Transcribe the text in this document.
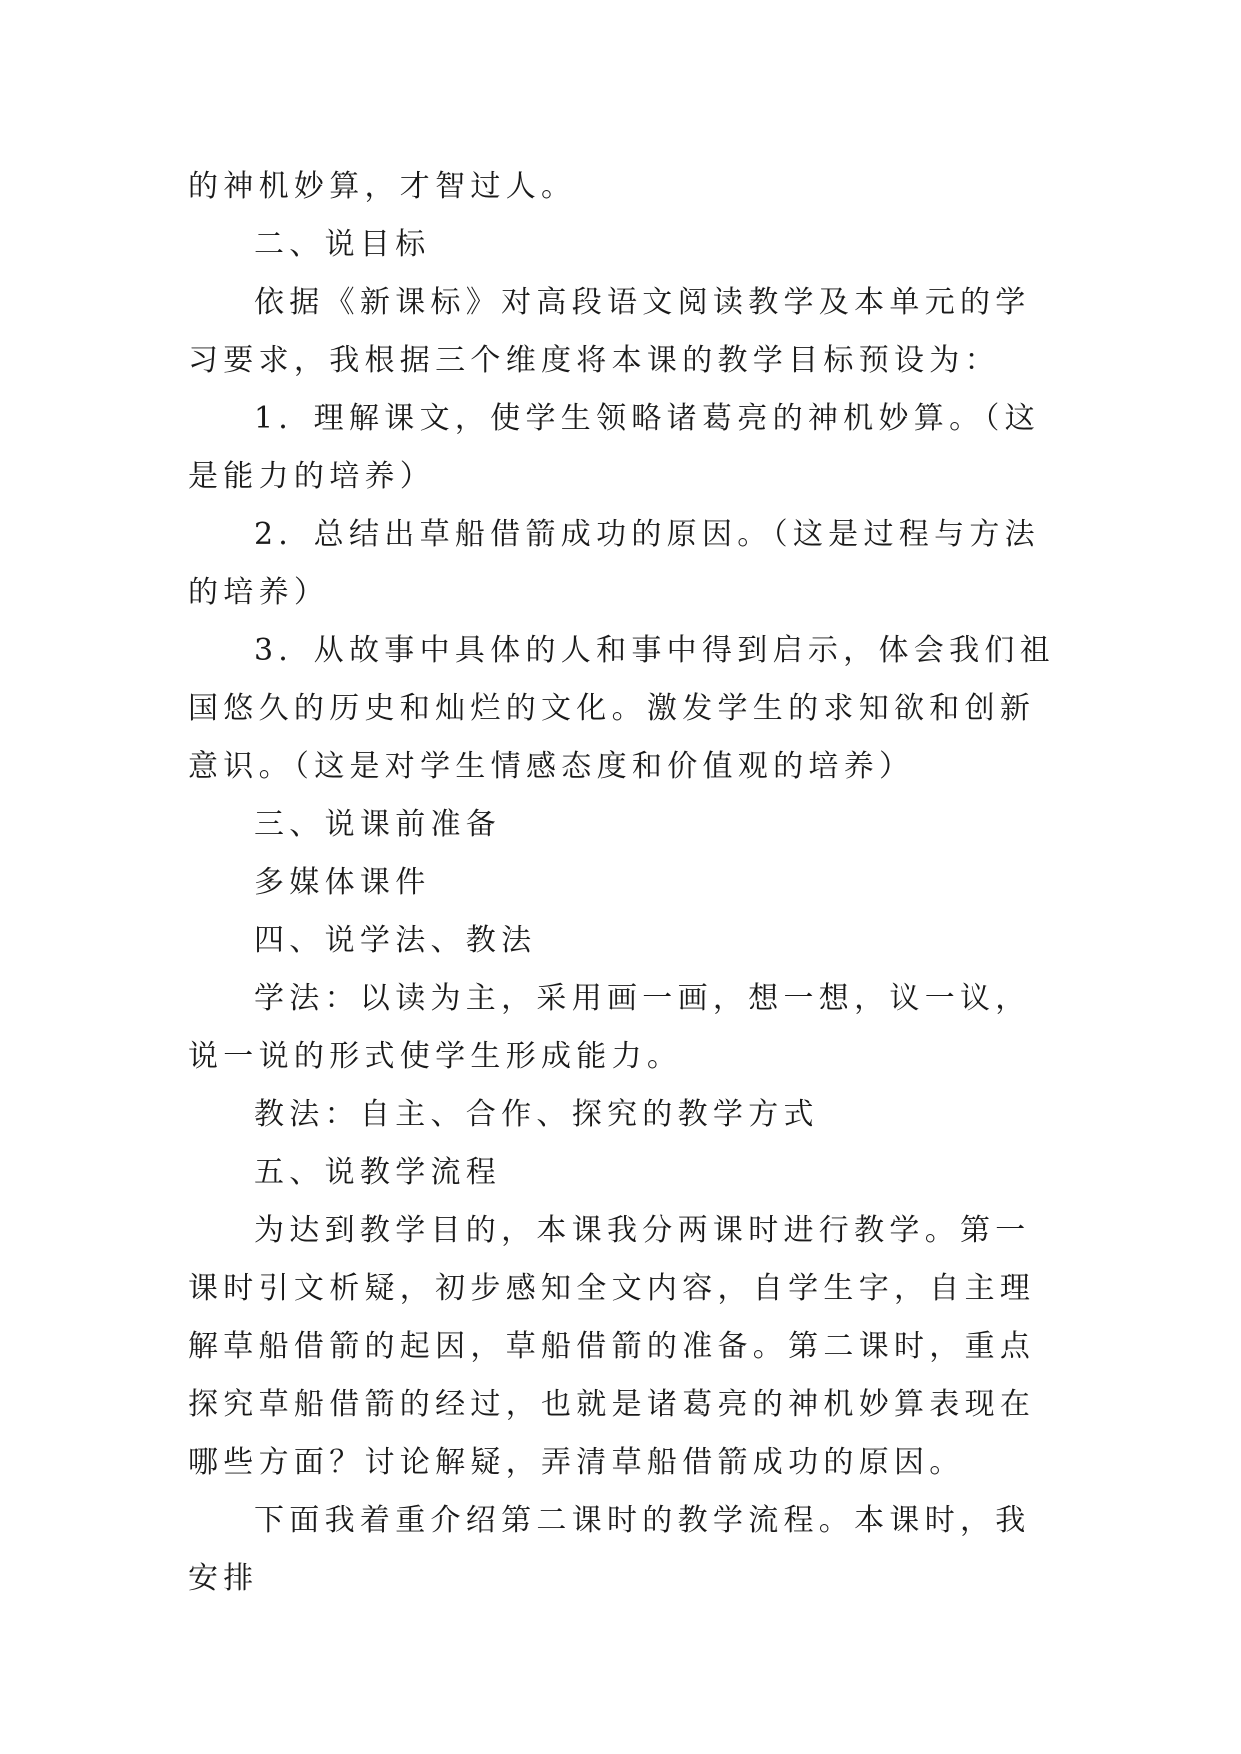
的神机妙算，才智过人。

二、说目标

依据《新课标》对高段语文阅读教学及本单元的学习要求，我根据三个维度将本课的教学目标预设为：

1．理解课文，使学生领略诸葛亮的神机妙算。（这是能力的培养）

2．总结出草船借箭成功的原因。（这是过程与方法的培养）

3．从故事中具体的人和事中得到启示，体会我们祖国悠久的历史和灿烂的文化。激发学生的求知欲和创新意识。（这是对学生情感态度和价值观的培养）

三、说课前准备

多媒体课件

四、说学法、教法

学法：以读为主，采用画一画，想一想，议一议，说一说的形式使学生形成能力。

教法：自主、合作、探究的教学方式

五、说教学流程

为达到教学目的，本课我分两课时进行教学。第一课时引文析疑，初步感知全文内容，自学生字，自主理解草船借箭的起因，草船借箭的准备。第二课时，重点探究草船借箭的经过，也就是诸葛亮的神机妙算表现在哪些方面？讨论解疑，弄清草船借箭成功的原因。

下面我着重介绍第二课时的教学流程。本课时，我安排
